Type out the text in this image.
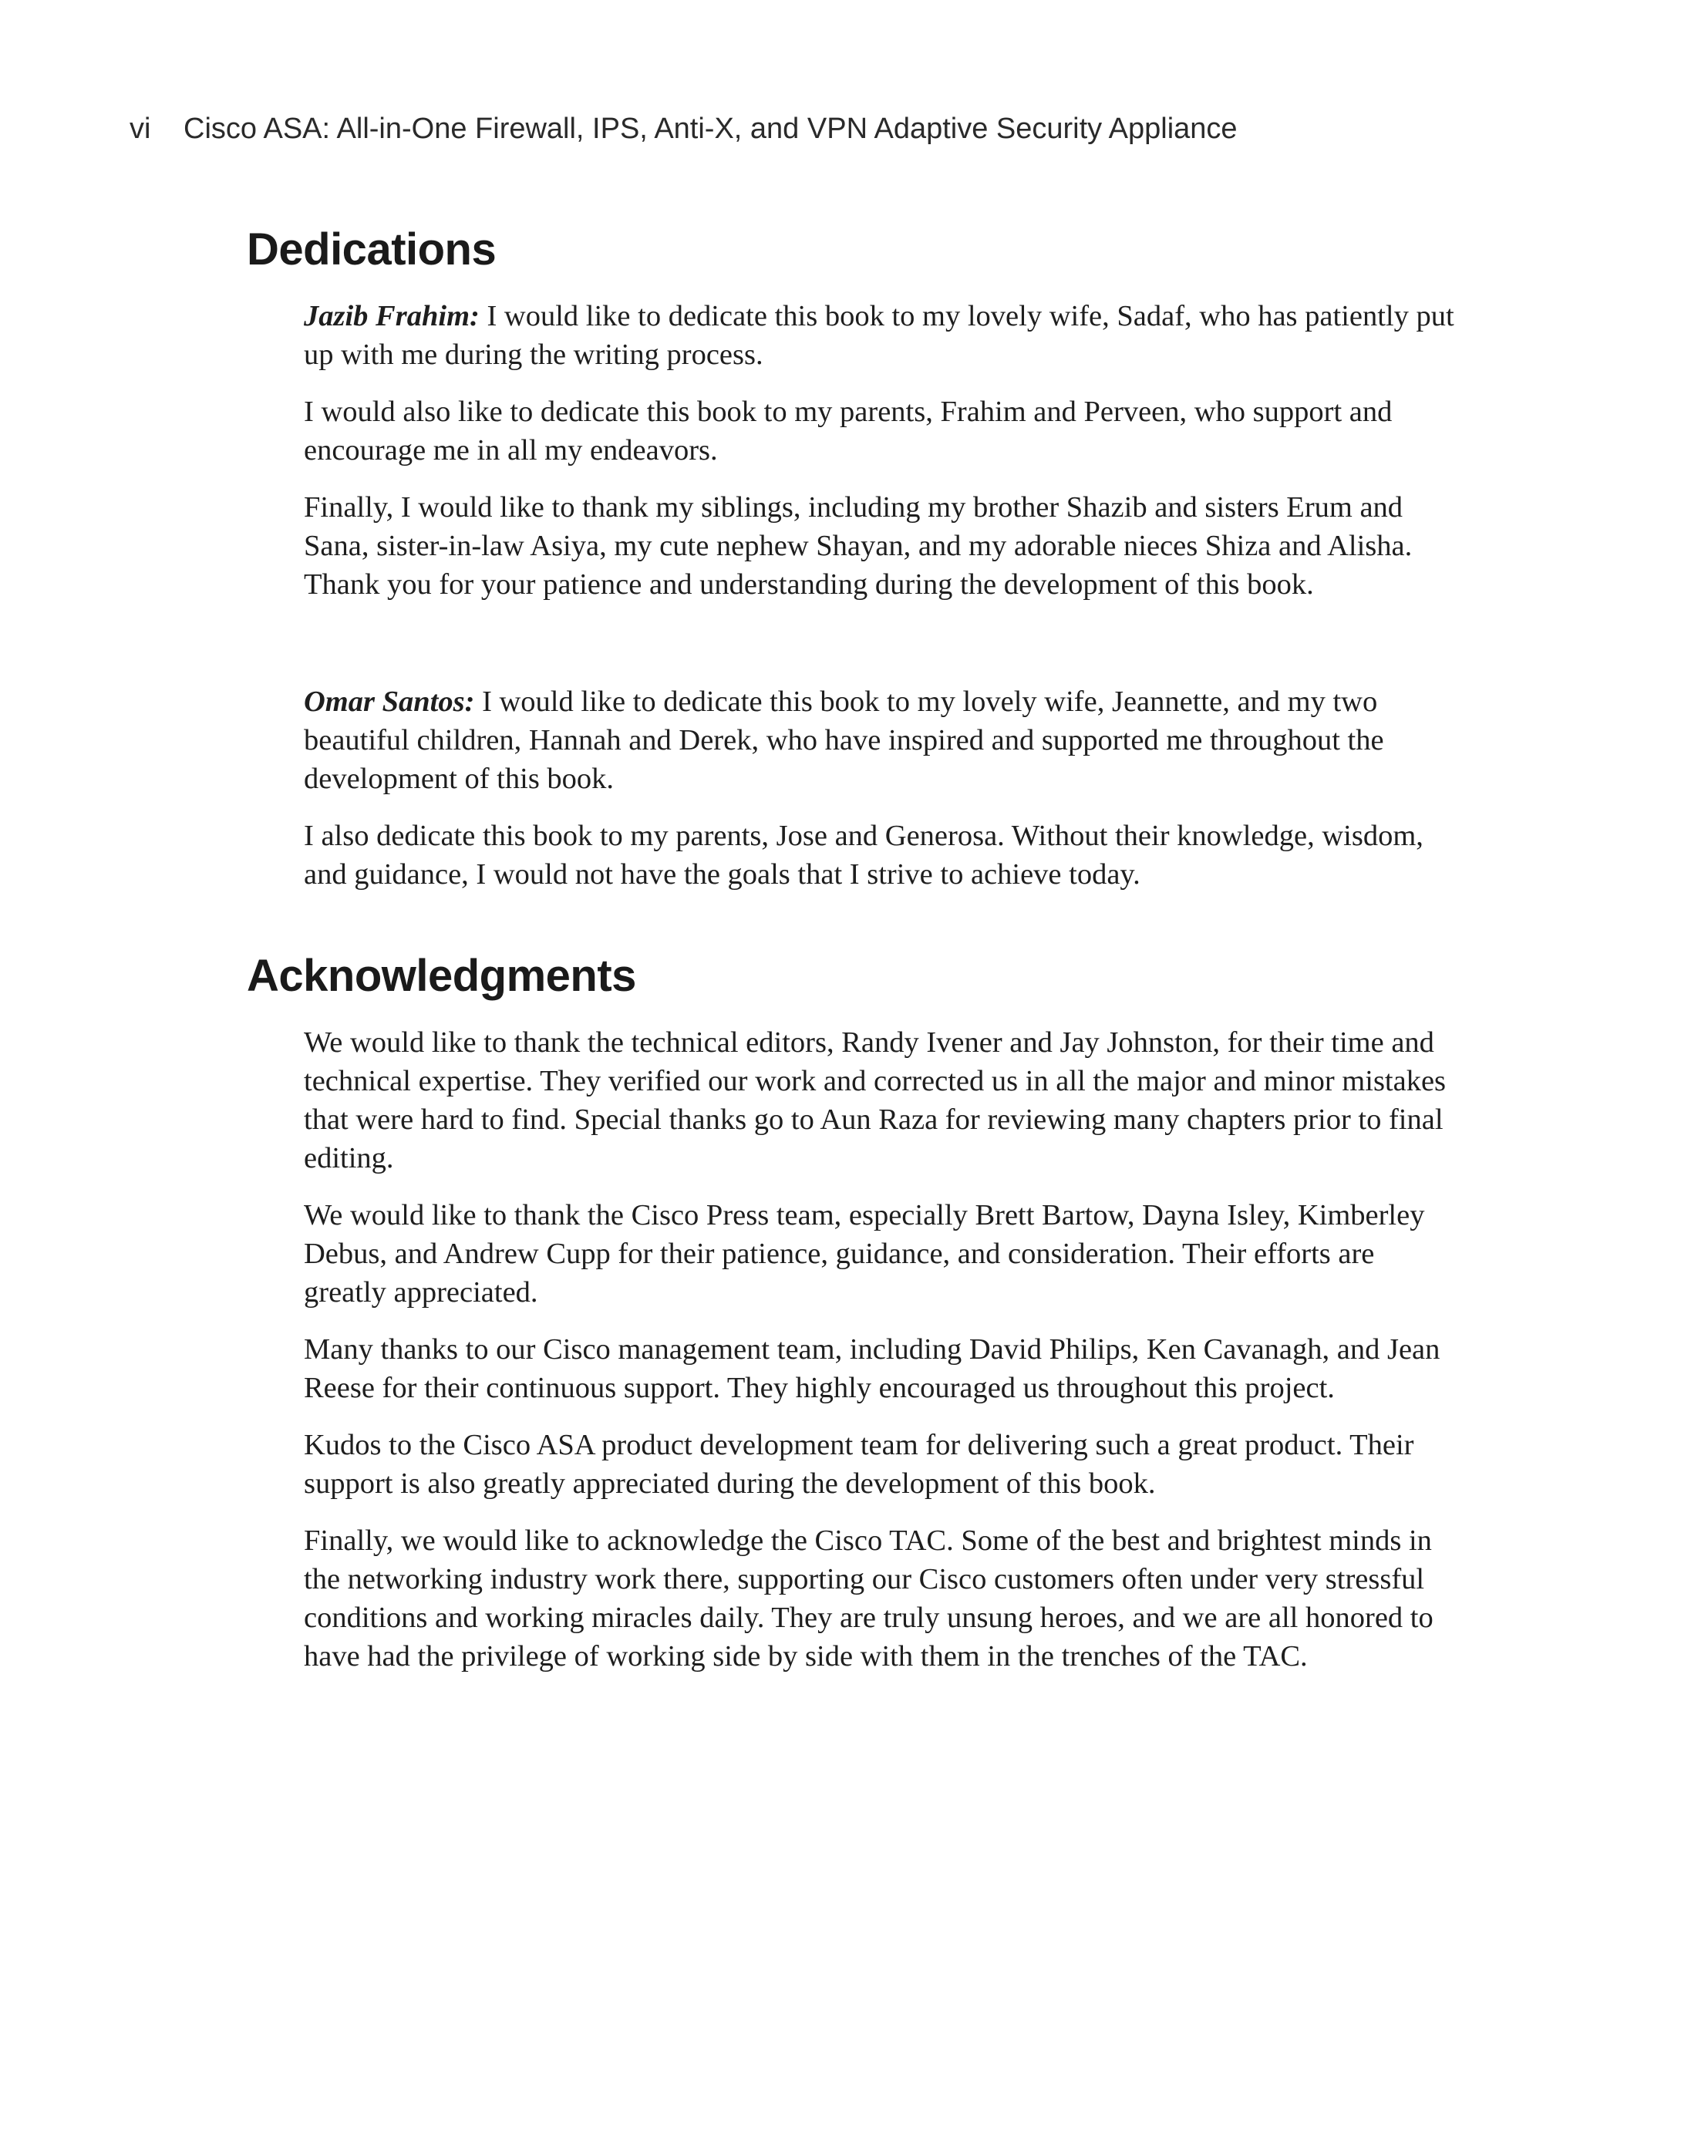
vi Cisco ASA: All-in-One Firewall, IPS, Anti-X, and VPN Adaptive Security Appliance
Dedications

Jazib Frahim: I would like to dedicate this book to my lovely wife, Sadaf, who has patiently put up with me during the writing process.

I would also like to dedicate this book to my parents, Frahim and Perveen, who support and encourage me in all my endeavors.

Finally, I would like to thank my siblings, including my brother Shazib and sisters Erum and Sana, sister-in-law Asiya, my cute nephew Shayan, and my adorable nieces Shiza and Alisha. Thank you for your patience and understanding during the development of this book.

Omar Santos: I would like to dedicate this book to my lovely wife, Jeannette, and my two beautiful children, Hannah and Derek, who have inspired and supported me throughout the development of this book.

I also dedicate this book to my parents, Jose and Generosa. Without their knowledge, wisdom, and guidance, I would not have the goals that I strive to achieve today.

Acknowledgments

We would like to thank the technical editors, Randy Ivener and Jay Johnston, for their time and technical expertise. They verified our work and corrected us in all the major and minor mistakes that were hard to find. Special thanks go to Aun Raza for reviewing many chapters prior to final editing.

We would like to thank the Cisco Press team, especially Brett Bartow, Dayna Isley, Kimberley Debus, and Andrew Cupp for their patience, guidance, and consideration. Their efforts are greatly appreciated.

Many thanks to our Cisco management team, including David Philips, Ken Cavanagh, and Jean Reese for their continuous support. They highly encouraged us throughout this project.

Kudos to the Cisco ASA product development team for delivering such a great product. Their support is also greatly appreciated during the development of this book.

Finally, we would like to acknowledge the Cisco TAC. Some of the best and brightest minds in the networking industry work there, supporting our Cisco customers often under very stressful conditions and working miracles daily. They are truly unsung heroes, and we are all honored to have had the privilege of working side by side with them in the trenches of the TAC.
